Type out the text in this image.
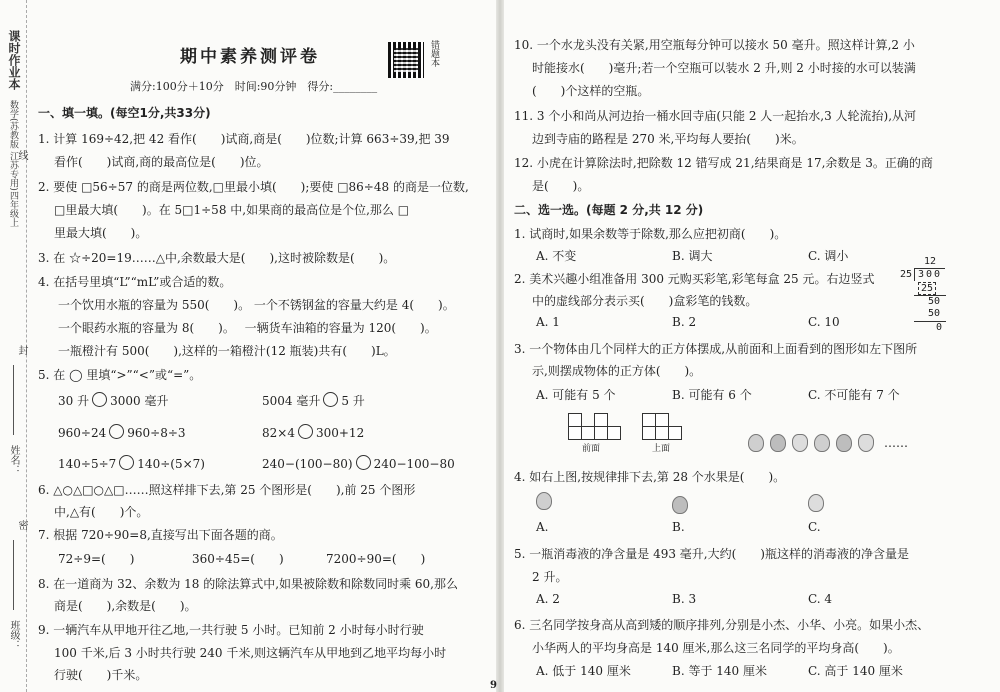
课时作业本
数学(苏教版 江苏专用)四年级上
线
封
姓名：
密
班级：
期中素养测评卷
满分:100分＋10分　时间:90分钟　得分:________
错题本
一、填一填。(每空1分,共33分)
1. 计算 169÷42,把 42 看作(　　)试商,商是(　　)位数;计算 663÷39,把 39
看作(　　)试商,商的最高位是(　　)位。
2. 要使 □56÷57 的商是两位数,□里最小填(　　);要使 □86÷48 的商是一位数,
□里最大填(　　)。在 5□1÷58 中,如果商的最高位是个位,那么 □
里最大填(　　)。
3. 在 ☆÷20=19……△中,余数最大是(　　),这时被除数是(　　)。
4. 在括号里填“L”“mL”或合适的数。
一个饮用水瓶的容量为 550(　　)。 一个不锈钢盆的容量大约是 4(　　)。
一个眼药水瓶的容量为 8(　　)。　 一辆货车油箱的容量为 120(　　)。
一瓶橙汁有 500(　　),这样的一箱橙汁(12 瓶装)共有(　　)L。
5. 在 ◯ 里填“>”“<”或“=”。
30 升 3000 毫升	5004 毫升 5 升
960÷24 960÷8÷3	82×4 300+12
140÷5÷7 140÷(5×7)	240−(100−80) 240−100−80
6. △○△□○△□……照这样排下去,第 25 个图形是(　　),前 25 个图形
中,△有(　　)个。
7. 根据 720÷90=8,直接写出下面各题的商。
72÷9=(　　)	360÷45=(　　)	7200÷90=(　　)
8. 在一道商为 32、余数为 18 的除法算式中,如果被除数和除数同时乘 60,那么
商是(　　),余数是(　　)。
9. 一辆汽车从甲地开往乙地,一共行驶 5 小时。已知前 2 小时每小时行驶
100 千米,后 3 小时共行驶 240 千米,则这辆汽车从甲地到乙地平均每小时
行驶(　　)千米。
9
10. 一个水龙头没有关紧,用空瓶每分钟可以接水 50 毫升。照这样计算,2 小
时能接水(　　)毫升;若一个空瓶可以装水 2 升,则 2 小时接的水可以装满
(　　)个这样的空瓶。
11. 3 个小和尚从河边抬一桶水回寺庙(只能 2 人一起抬水,3 人轮流抬),从河
边到寺庙的路程是 270 米,平均每人要抬(　　)米。
12. 小虎在计算除法时,把除数 12 错写成 21,结果商是 17,余数是 3。正确的商
是(　　)。
二、选一选。(每题 2 分,共 12 分)
1. 试商时,如果余数等于除数,那么应把初商(　　)。
A. 不变	B. 调大	C. 调小
2. 美术兴趣小组准备用 300 元购买彩笔,彩笔每盒 25 元。右边竖式
中的虚线部分表示买(　　)盒彩笔的钱数。
A. 1	B. 2	C. 10
12
25 300
25
50
50
0
3. 一个物体由几个同样大的正方体摆成,从前面和上面看到的图形如左下图所
示,则摆成物体的正方体(　　)。
A. 可能有 5 个	B. 可能有 6 个	C. 不可能有 7 个
前面	上面	……
4. 如右上图,按规律排下去,第 28 个水果是(　　)。
A.	B.	C.
5. 一瓶消毒液的净含量是 493 毫升,大约(　　)瓶这样的消毒液的净含量是
2 升。
A. 2	B. 3	C. 4
6. 三名同学按身高从高到矮的顺序排列,分别是小杰、小华、小亮。如果小杰、
小华两人的平均身高是 140 厘米,那么这三名同学的平均身高(　　)。
A. 低于 140 厘米	B. 等于 140 厘米	C. 高于 140 厘米
